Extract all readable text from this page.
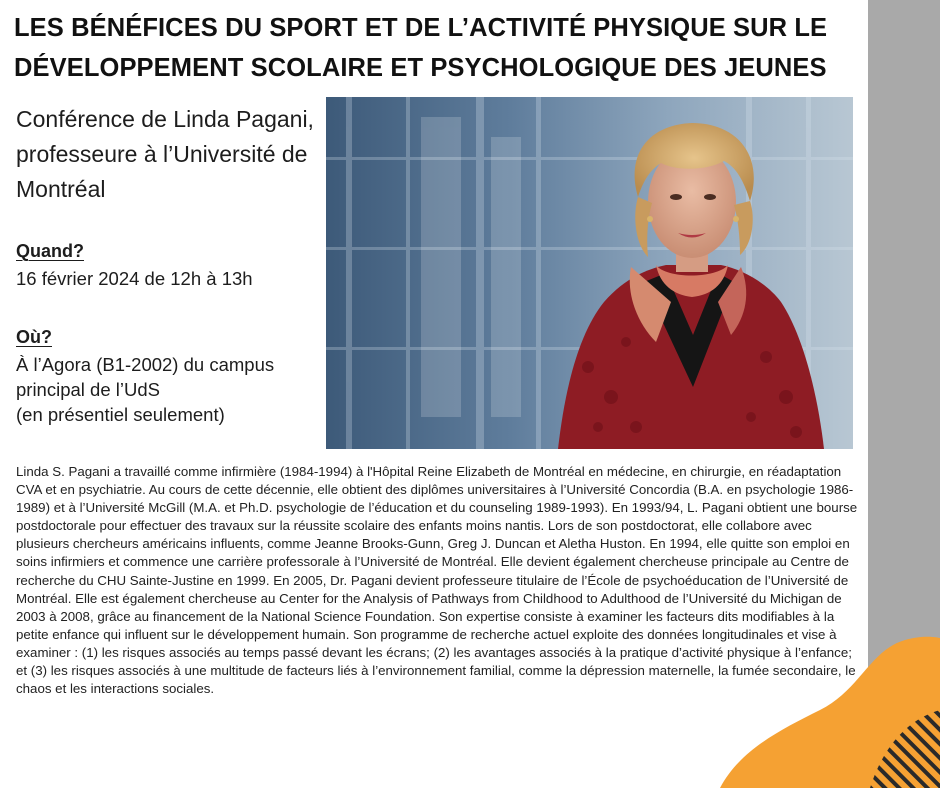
LES BÉNÉFICES DU SPORT ET DE L’ACTIVITÉ PHYSIQUE SUR LE DÉVELOPPEMENT SCOLAIRE ET PSYCHOLOGIQUE DES JEUNES
Conférence de Linda Pagani, professeure à l’Université de Montréal
Quand?
16 février 2024 de 12h à 13h
Où?
À l’Agora (B1-2002) du campus principal de l’UdS
(en présentiel seulement)
Linda S. Pagani a travaillé comme infirmière (1984-1994) à l'Hôpital Reine Elizabeth de Montréal en médecine, en chirurgie, en réadaptation CVA et en psychiatrie. Au cours de cette décennie, elle obtient des diplômes universitaires à l’Université Concordia (B.A. en psychologie 1986-1989) et à l’Université McGill (M.A. et Ph.D. psychologie de l’éducation et du counseling 1989-1993). En 1993/94, L. Pagani obtient une bourse postdoctorale pour effectuer des travaux sur la réussite scolaire des enfants moins nantis. Lors de son postdoctorat, elle collabore avec plusieurs chercheurs américains influents, comme Jeanne Brooks-Gunn, Greg J. Duncan et Aletha Huston. En 1994, elle quitte son emploi en soins infirmiers et commence une carrière professorale à l’Université de Montréal. Elle devient également chercheuse principale au Centre de recherche du CHU Sainte-Justine en 1999. En 2005, Dr. Pagani devient professeure titulaire de l’École de psychoéducation de l’Université de Montréal. Elle est également chercheuse au Center for the Analysis of Pathways from Childhood to Adulthood de l’Université du Michigan de 2003 à 2008, grâce au financement de la National Science Foundation. Son expertise consiste à examiner les facteurs dits modifiables à la petite enfance qui influent sur le développement humain. Son programme de recherche actuel exploite des données longitudinales et vise à examiner : (1) les risques associés au temps passé devant les écrans; (2) les avantages associés à la pratique d’activité physique à l’enfance; et (3) les risques associés à une multitude de facteurs liés à l’environnement familial, comme la dépression maternelle, la fumée secondaire, le chaos et les interactions sociales.
